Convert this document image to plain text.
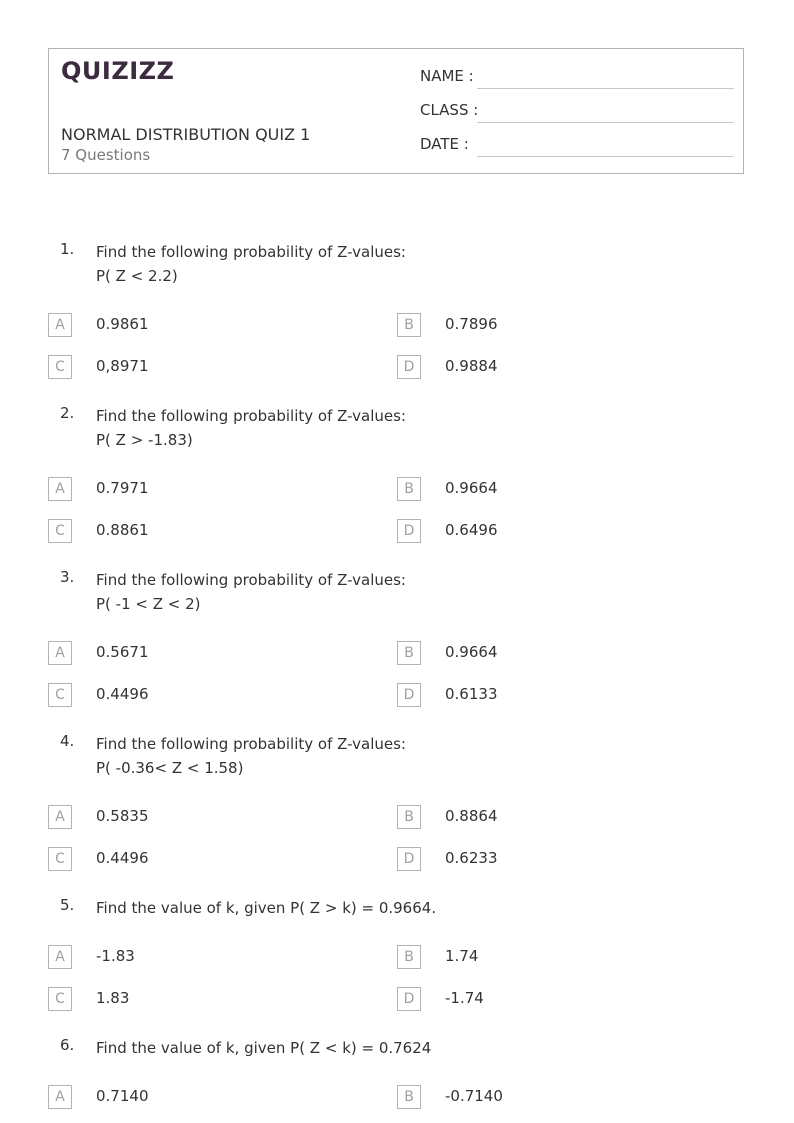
QUIZIZZ
NORMAL DISTRIBUTION QUIZ 1
7 Questions
NAME :
CLASS :
DATE :
1. Find the following probability of Z-values:
P( Z < 2.2)
A	0.9861	B	0.7896
C	0,8971	D	0.9884
2. Find the following probability of Z-values:
P( Z > -1.83)
A	0.7971	B	0.9664
C	0.8861	D	0.6496
3. Find the following probability of Z-values:
P( -1 < Z < 2)
A	0.5671	B	0.9664
C	0.4496	D	0.6133
4. Find the following probability of Z-values:
P( -0.36< Z < 1.58)
A	0.5835	B	0.8864
C	0.4496	D	0.6233
5. Find the value of k, given P( Z > k) = 0.9664.
A	-1.83	B	1.74
C	1.83	D	-1.74
6. Find the value of k, given P( Z < k) = 0.7624
A	0.7140	B	-0.7140
